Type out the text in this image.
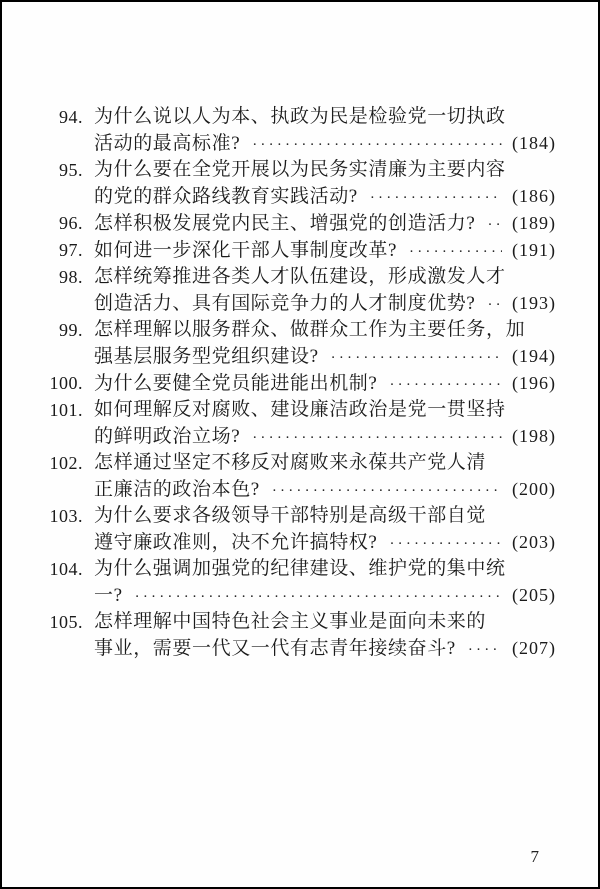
94. 为什么说以人为本、执政为民是检验党一切执政
活动的最高标准? ·····	(184)
95. 为什么要在全党开展以为民务实清廉为主要内容
的党的群众路线教育实践活动? ·····	(186)
96. 怎样积极发展党内民主、增强党的创造活力? ·····	(189)
97. 如何进一步深化干部人事制度改革? ·····	(191)
98. 怎样统筹推进各类人才队伍建设，形成激发人才
创造活力、具有国际竞争力的人才制度优势? ·····	(193)
99. 怎样理解以服务群众、做群众工作为主要任务，加
强基层服务型党组织建设? ·····	(194)
100. 为什么要健全党员能进能出机制? ·····	(196)
101. 如何理解反对腐败、建设廉洁政治是党一贯坚持
的鲜明政治立场? ·····	(198)
102. 怎样通过坚定不移反对腐败来永葆共产党人清
正廉洁的政治本色? ·····	(200)
103. 为什么要求各级领导干部特别是高级干部自觉
遵守廉政准则，决不允许搞特权? ·····	(203)
104. 为什么强调加强党的纪律建设、维护党的集中统
一? ·····	(205)
105. 怎样理解中国特色社会主义事业是面向未来的
事业，需要一代又一代有志青年接续奋斗? ·····	(207)
7
